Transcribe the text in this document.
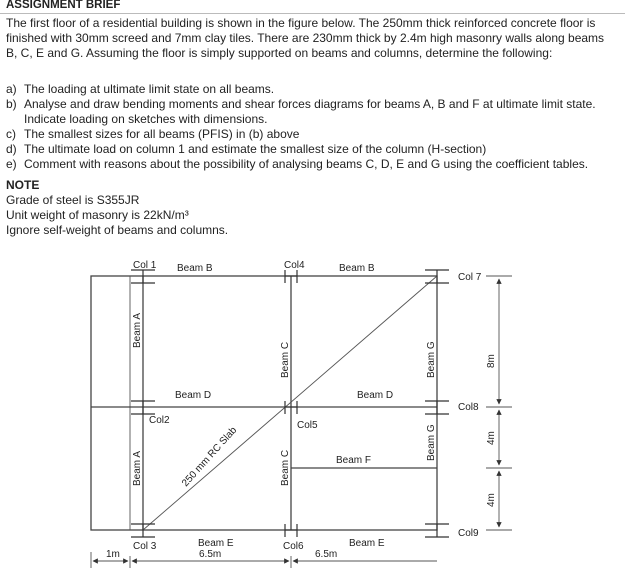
ASSIGNMENT BRIEF
The first floor of a residential building is shown in the figure below. The 250mm thick reinforced concrete floor is finished with 30mm screed and 7mm clay tiles. There are 230mm thick by 2.4m high masonry walls along beams B, C, E and G. Assuming the floor is simply supported on beams and columns, determine the following:
a) The loading at ultimate limit state on all beams.
b) Analyse and draw bending moments and shear forces diagrams for beams A, B and F at ultimate limit state. Indicate loading on sketches with dimensions.
c) The smallest sizes for all beams (PFIS) in (b) above
d) The ultimate load on column 1 and estimate the smallest size of the column (H-section)
e) Comment with reasons about the possibility of analysing beams C, D, E and G using the coefficient tables.
NOTE
Grade of steel is S355JR
Unit weight of masonry is 22kN/m³
Ignore self-weight of beams and columns.
Col 1
Col2
Col 3
Col4
Col5
Col6
Col 7
Col8
Col9
Beam B	Beam B
Beam D	Beam D
Beam F
Beam E	Beam E
Beam A
Beam A
Beam C
Beam C
Beam G
Beam G
250 mm RC Slab
1m	6.5m	6.5m
8m
4m
4m
